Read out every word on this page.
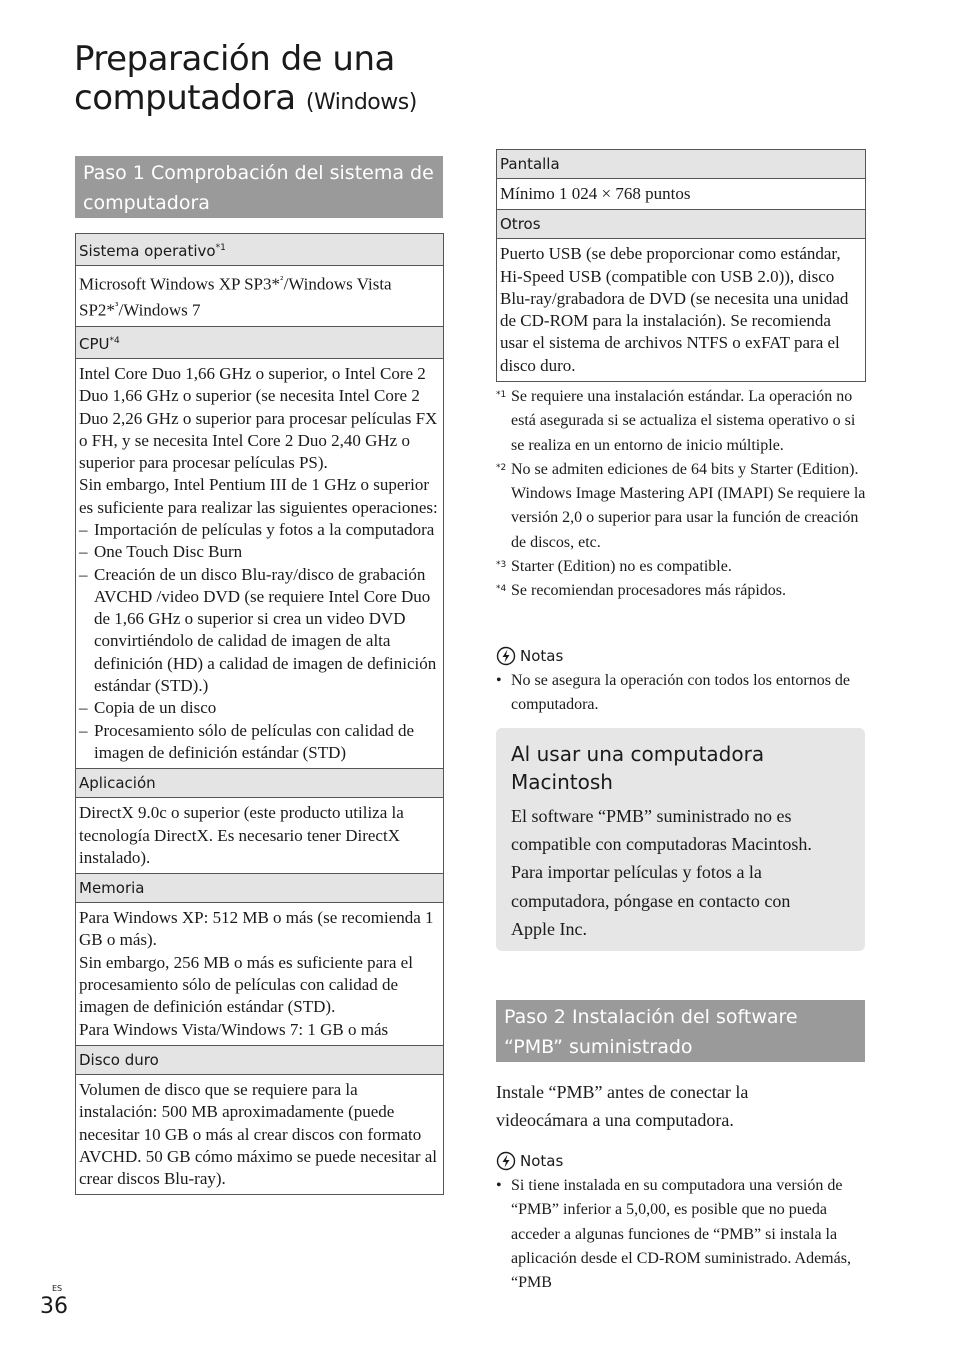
Preparación de una
computadora (Windows)
Paso 1 Comprobación del sistema de computadora
Sistema operativo$^{*1}$
Microsoft Windows XP SP3*$^{^2}$/Windows Vista SP2*$^{^3}$/Windows 7
CPU$^{*4}$
Intel Core Duo 1,66 GHz o superior, o Intel Core 2 Duo 1,66 GHz o superior (se necesita Intel Core 2 Duo 2,26 GHz o superior para procesar películas FX o FH, y se necesita Intel Core 2 Duo 2,40 GHz o superior para procesar películas PS).
Sin embargo, Intel Pentium III de 1 GHz o superior es suficiente para realizar las siguientes operaciones:
– Importación de películas y fotos a la computadora
– One Touch Disc Burn
– Creación de un disco Blu-ray/disco de grabación AVCHD /video DVD (se requiere Intel Core Duo de 1,66 GHz o superior si crea un video DVD convirtiéndolo de calidad de imagen de alta definición (HD) a calidad de imagen de definición estándar (STD).)
– Copia de un disco
– Procesamiento sólo de películas con calidad de imagen de definición estándar (STD)
Aplicación
DirectX 9.0c o superior (este producto utiliza la tecnología DirectX. Es necesario tener DirectX instalado).
Memoria
Para Windows XP: 512 MB o más (se recomienda 1 GB o más).
Sin embargo, 256 MB o más es suficiente para el procesamiento sólo de películas con calidad de imagen de definición estándar (STD).
Para Windows Vista/Windows 7: 1 GB o más
Disco duro
Volumen de disco que se requiere para la instalación: 500 MB aproximadamente (puede necesitar 10 GB o más al crear discos con formato AVCHD. 50 GB cómo máximo se puede necesitar al crear discos Blu-ray).
Pantalla
Mínimo 1 024 × 768 puntos
Otros
Puerto USB (se debe proporcionar como estándar, Hi-Speed USB (compatible con USB 2.0)), disco Blu-ray/grabadora de DVD (se necesita una unidad de CD-ROM para la instalación). Se recomienda usar el sistema de archivos NTFS o exFAT para el disco duro.
*1 Se requiere una instalación estándar. La operación no está asegurada si se actualiza el sistema operativo o si se realiza en un entorno de inicio múltiple.
*2 No se admiten ediciones de 64 bits y Starter (Edition). Windows Image Mastering API (IMAPI) Se requiere la versión 2,0 o superior para usar la función de creación de discos, etc.
*3 Starter (Edition) no es compatible.
*4 Se recomiendan procesadores más rápidos.
Notas
• No se asegura la operación con todos los entornos de computadora.
Al usar una computadora Macintosh
El software “PMB” suministrado no es compatible con computadoras Macintosh. Para importar películas y fotos a la computadora, póngase en contacto con Apple Inc.
Paso 2 Instalación del software “PMB” suministrado
Instale “PMB” antes de conectar la videocámara a una computadora.
Notas
• Si tiene instalada en su computadora una versión de “PMB” inferior a 5,0,00, es posible que no pueda acceder a algunas funciones de “PMB” si instala la aplicación desde el CD-ROM suministrado. Además, “PMB
ES
36
